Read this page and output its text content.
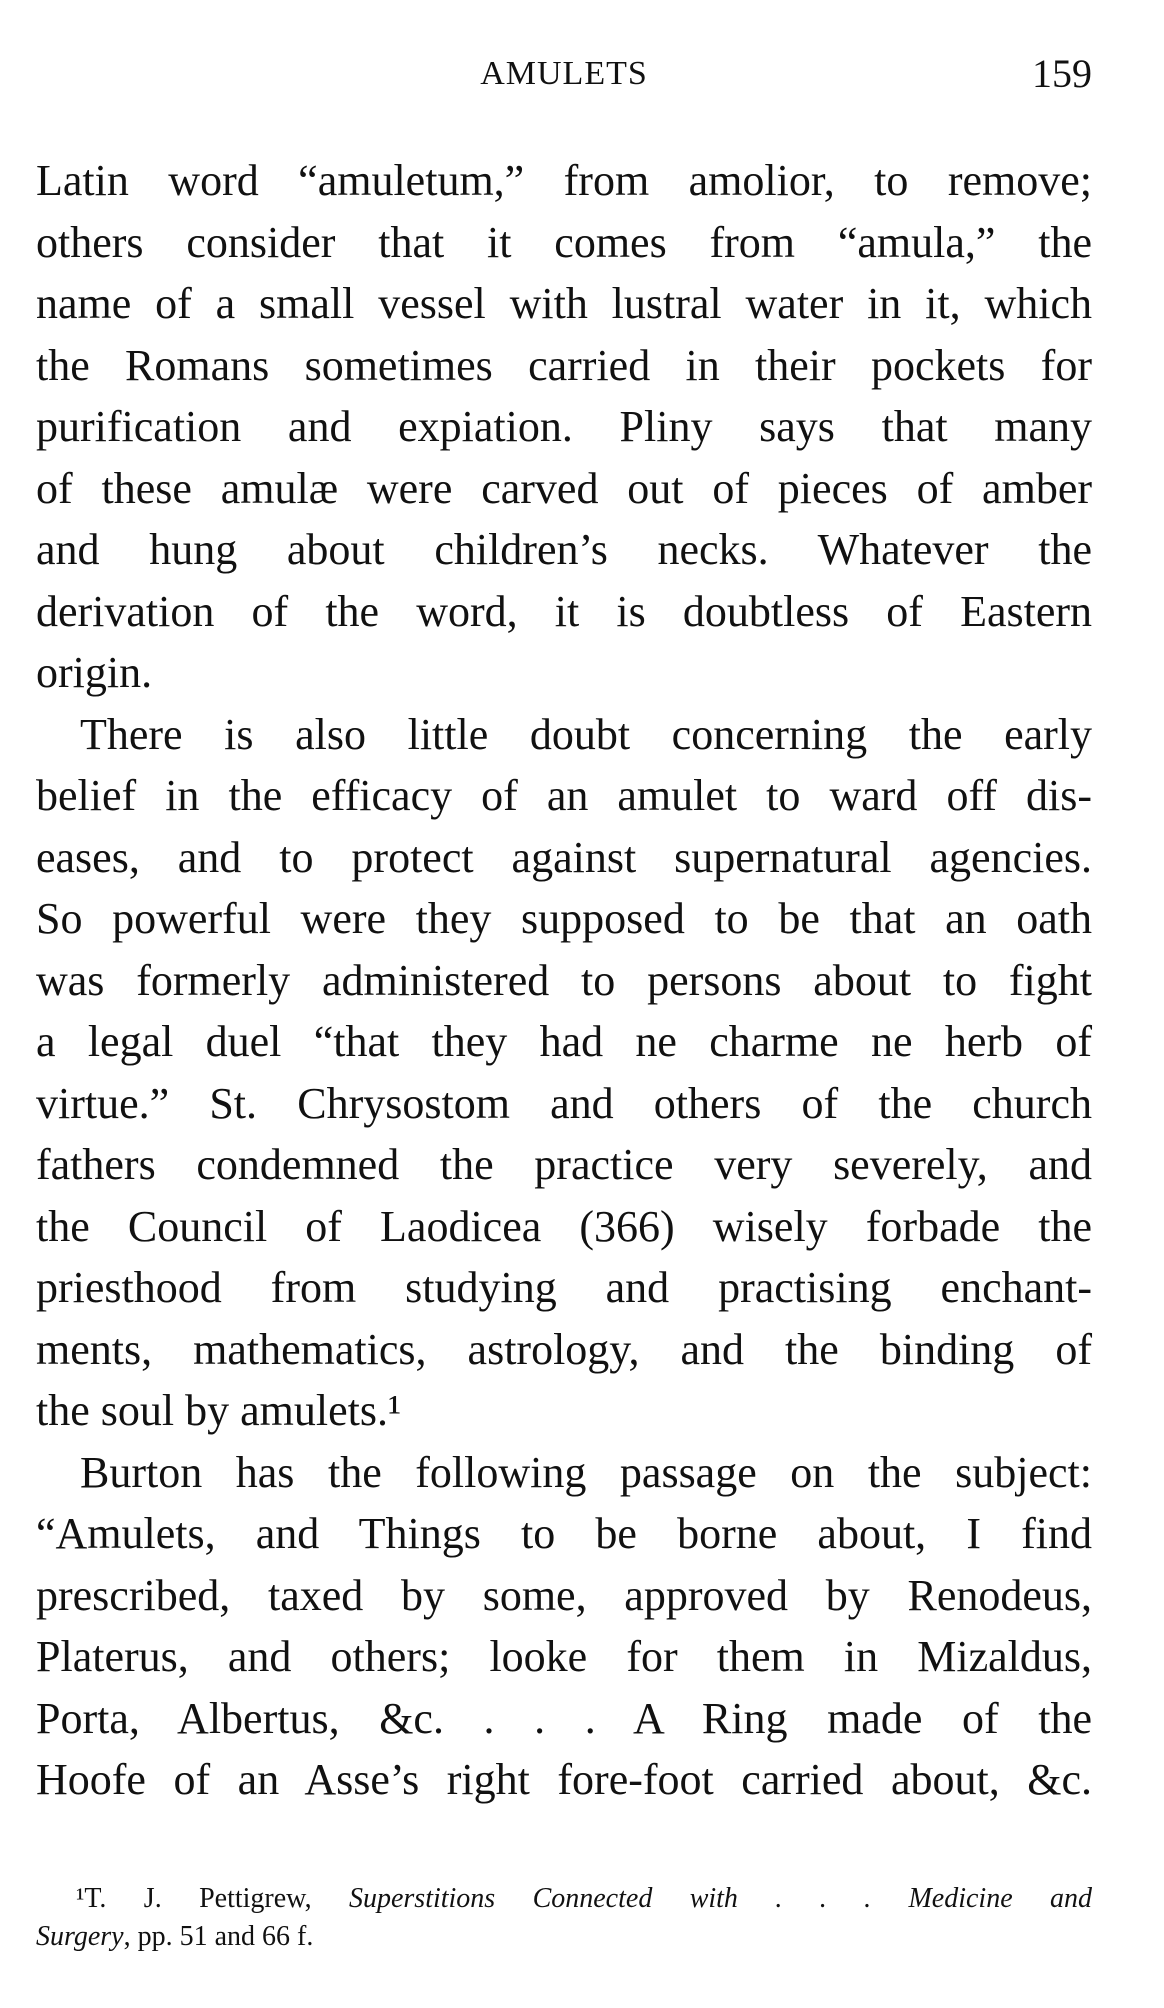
AMULETS	159
Latin word “amuletum,” from amolior, to remove;
others consider that it comes from “amula,” the
name of a small vessel with lustral water in it, which
the Romans sometimes carried in their pockets for
purification and expiation. Pliny says that many
of these amulæ were carved out of pieces of amber
and hung about children’s necks. Whatever the
derivation of the word, it is doubtless of Eastern
origin.
There is also little doubt concerning the early
belief in the efficacy of an amulet to ward off dis-
eases, and to protect against supernatural agencies.
So powerful were they supposed to be that an oath
was formerly administered to persons about to fight
a legal duel “that they had ne charme ne herb of
virtue.” St. Chrysostom and others of the church
fathers condemned the practice very severely, and
the Council of Laodicea (366) wisely forbade the
priesthood from studying and practising enchant-
ments, mathematics, astrology, and the binding of
the soul by amulets.¹
Burton has the following passage on the subject:
“Amulets, and Things to be borne about, I find
prescribed, taxed by some, approved by Renodeus,
Platerus, and others; looke for them in Mizaldus,
Porta, Albertus, &c. . . . A Ring made of the
Hoofe of an Asse’s right fore-foot carried about, &c.
¹T. J. Pettigrew, Superstitions Connected with . . . Medicine and
Surgery, pp. 51 and 66 f.
